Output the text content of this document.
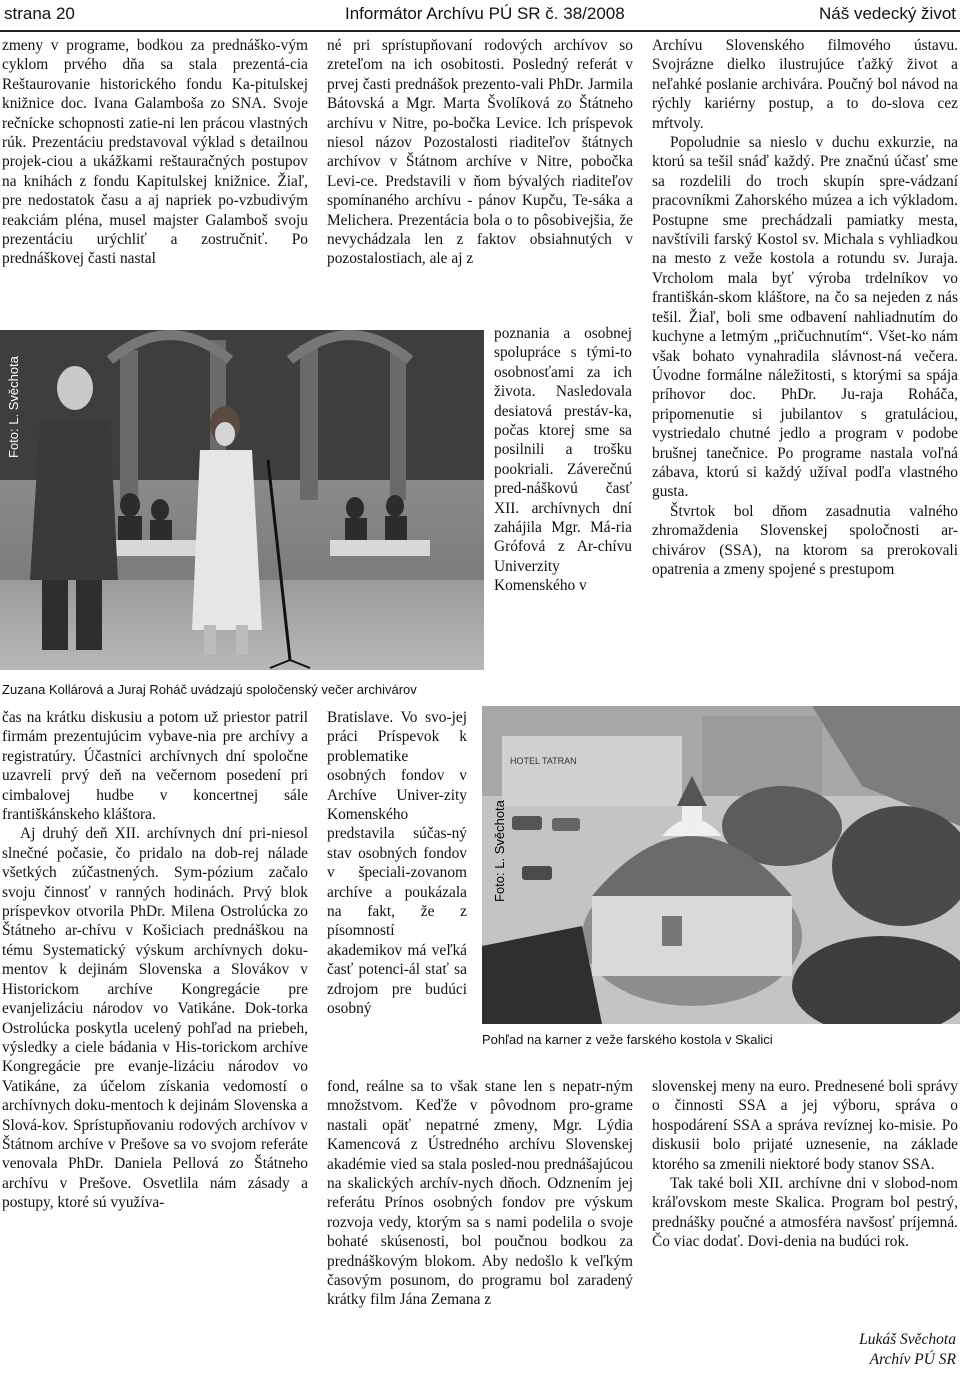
strana 20	Informátor Archívu PÚ SR č. 38/2008	Náš vedecký život

zmeny v programe, bodkou za prednáško-vým cyklom prvého dňa sa stala prezentá-cia Reštaurovanie historického fondu Ka-pitulskej knižnice doc. Ivana Galamboša zo SNA. Svoje rečnícke schopnosti zatie-ni len prácou vlastných rúk. Prezentáciu predstavoval výklad s detailnou projek-ciou a ukážkami reštauračných postupov na knihách z fondu Kapitulskej knižnice. Žiaľ, pre nedostatok času a aj napriek po-vzbudivým reakciám pléna, musel majster Galamboš svoju prezentáciu urýchliť a zostručniť. Po prednáškovej časti nastal

né pri sprístupňovaní rodových archívov so zreteľom na ich osobitosti. Posledný referát v prvej časti prednášok prezento-vali PhDr. Jarmila Bátovská a Mgr. Marta Švolíková zo Štátneho archívu v Nitre, po-bočka Levice. Ich príspevok niesol názov Pozostalosti riaditeľov štátnych archívov v Štátnom archíve v Nitre, pobočka Levi-ce. Predstavili v ňom bývalých riaditeľov spomínaného archívu - pánov Kupču, Te-sáka a Melichera. Prezentácia bola o to pôsobivejšia, že nevychádzala len z faktov obsiahnutých v pozostalostiach, ale aj z

poznania a osobnej spolupráce s tými-to osobnosťami za ich života. Nasledovala desiatová prestáv-ka, počas ktorej sme sa posilnili a trošku pookriali. Záverečnú pred-náškovú časť XII. archívnych dní zahájila Mgr. Má-ria Grófová z Ar-chívu Univerzity Komenského v

Archívu Slovenského filmového ústavu. Svojrázne dielko ilustrujúce ťažký život a neľahké poslanie archivára. Poučný bol návod na rýchly kariérny postup, a to do-slova cez mŕtvoly.

Popoludnie sa nieslo v duchu exkurzie, na ktorú sa tešil snáď každý. Pre značnú účasť sme sa rozdelili do troch skupín spre-vádzaní pracovníkmi Zahorského múzea a ich výkladom. Postupne sme prechádzali pamiatky mesta, navštívili farský Kostol sv. Michala s vyhliadkou na mesto z veže kostola a rotundu sv. Juraja. Vrcholom mala byť výroba trdelníkov vo františkán-skom kláštore, na čo sa nejeden z nás tešil. Žiaľ, boli sme odbavení nahliadnutím do kuchyne a letmým „pričuchnutím“. Všet-ko nám však bohato vynahradila slávnost-ná večera. Úvodne formálne náležitosti, s ktorými sa spája príhovor doc. PhDr. Ju-raja Roháča, pripomenutie si jubilantov s gratuláciou, vystriedalo chutné jedlo a program v podobe brušnej tanečnice. Po programe nastala voľná zábava, ktorú si každý užíval podľa vlastného gusta.

Štvrtok bol dňom zasadnutia valného zhromaždenia Slovenskej spoločnosti ar-chivárov (SSA), na ktorom sa prerokovali opatrenia a zmeny spojené s prestupom

Foto: L. Svěchota
Zuzana Kollárová a Juraj Roháč uvádzajú spoločenský večer archivárov

čas na krátku diskusiu a potom už priestor patril firmám prezentujúcim vybave-nia pre archívy a registratúry. Účastníci archívnych dní spoločne uzavreli prvý deň na večernom posedení pri cimbalovej hudbe v koncertnej sále františkánskeho kláštora.

Aj druhý deň XII. archívnych dní pri-niesol slnečné počasie, čo pridalo na dob-rej nálade všetkých zúčastnených. Sym-pózium začalo svoju činnosť v ranných hodinách. Prvý blok príspevkov otvorila PhDr. Milena Ostrolúcka zo Štátneho ar-chívu v Košiciach prednáškou na tému Systematický výskum archívnych doku-mentov k dejinám Slovenska a Slovákov v Historickom archíve Kongregácie pre evanjelizáciu národov vo Vatikáne. Dok-torka Ostrolúcka poskytla ucelený pohľad na priebeh, výsledky a ciele bádania v His-torickom archíve Kongregácie pre evanje-lizáciu národov vo Vatikáne, za účelom získania vedomostí o archívnych doku-mentoch k dejinám Slovenska a Slová-kov. Sprístupňovaniu rodových archívov v Štátnom archíve v Prešove sa vo svojom referáte venovala PhDr. Daniela Pellová zo Štátneho archívu v Prešove. Osvetlila nám zásady a postupy, ktoré sú využíva-

Bratislave. Vo svo-jej práci Príspevok k problematike osobných fondov v Archíve Univer-zity Komenského predstavila súčas-ný stav osobných fondov v špeciali-zovanom archíve a poukázala na fakt, že z písomností akademikov má veľká časť potenci-ál stať sa zdrojom pre budúci osobný

HOTEL TATRAN
Foto: L. Svěchota
Pohľad na karner z veže farského kostola v Skalici

fond, reálne sa to však stane len s nepatr-ným množstvom. Keďže v pôvodnom pro-grame nastali opäť nepatrné zmeny, Mgr. Lýdia Kamencová z Ústredného archívu Slovenskej akadémie vied sa stala posled-nou prednášajúcou na skalických archív-nych dňoch. Odznením jej referátu Prínos osobných fondov pre výskum rozvoja vedy, ktorým sa s nami podelila o svoje bohaté skúsenosti, bol poučnou bodkou za prednáškovým blokom. Aby nedošlo k veľkým časovým posunom, do programu bol zaradený krátky film Jána Zemana z

slovenskej meny na euro. Prednesené boli správy o činnosti SSA a jej výboru, správa o hospodárení SSA a správa revíznej ko-misie. Po diskusii bolo prijaté uznesenie, na základe ktorého sa zmenili niektoré body stanov SSA.

Tak také boli XII. archívne dni v slobod-nom kráľovskom meste Skalica. Program bol pestrý, prednášky poučné a atmosféra navšosť príjemná. Čo viac dodať. Dovi-denia na budúci rok.

Lukáš Svěchota
Archív PÚ SR
